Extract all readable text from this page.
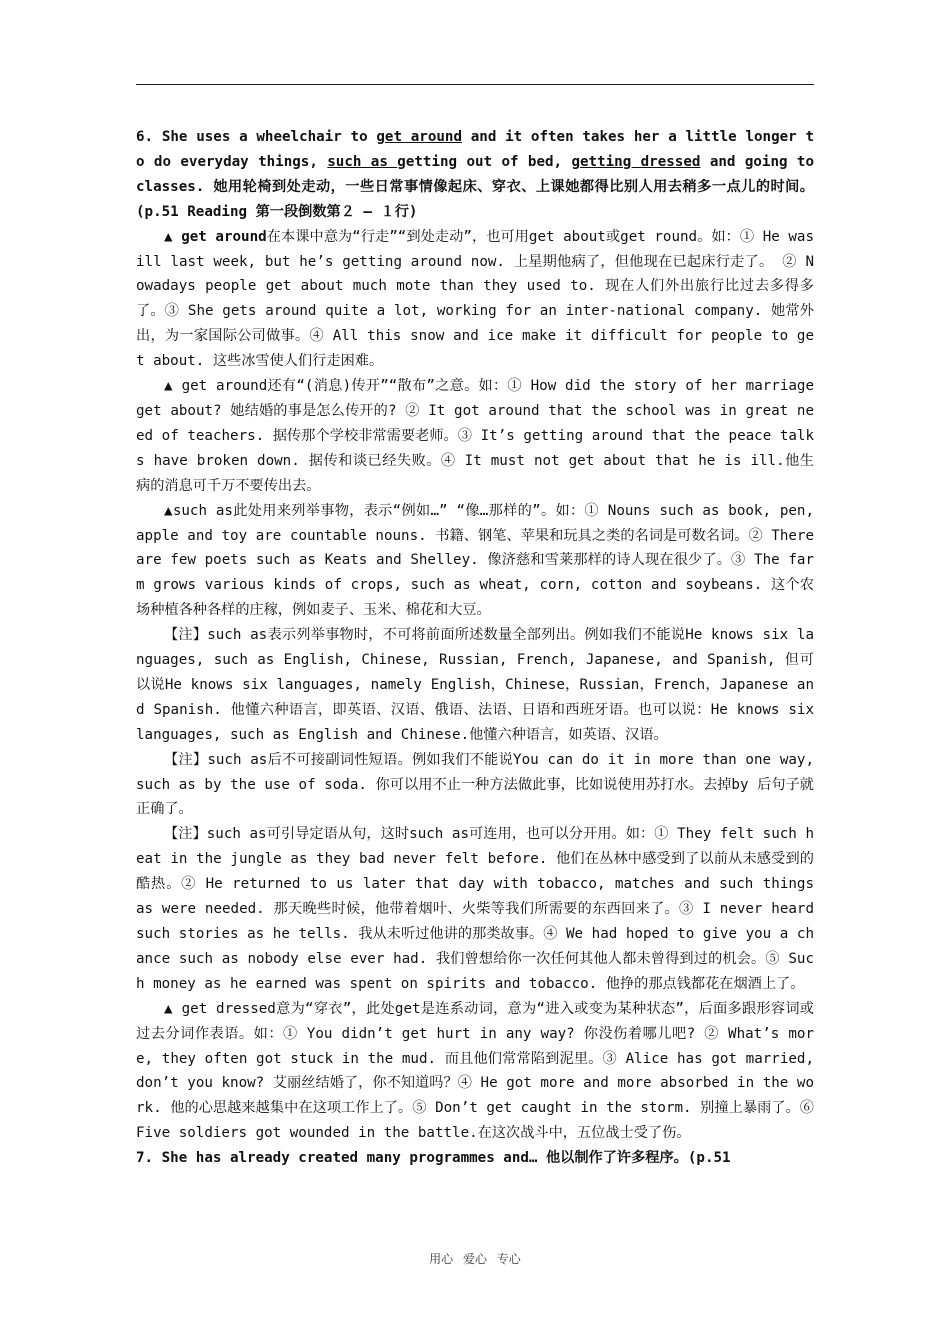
6. She uses a wheelchair to get around and it often takes her a little longer to do everyday things, such as getting out of bed, getting dressed and going to classes. 她用轮椅到处走动，一些日常事情像起床、穿衣、上课她都得比别人用去稍多一点儿的时间。(p.51 Reading 第一段倒数第２ – １行)

▲ get around在本课中意为“行走”“到处走动”，也可用get about或get round。如：① He was ill last week, but he’s getting around now. 上星期他病了，但他现在已起床行走了。 ② Nowadays people get about much mote than they used to. 现在人们外出旅行比过去多得多了。③ She gets around quite a lot, working for an inter-national company. 她常外出，为一家国际公司做事。④ All this snow and ice make it difficult for people to get about. 这些冰雪使人们行走困难。

▲ get around还有“(消息)传开”“散布”之意。如：① How did the story of her marriage get about? 她结婚的事是怎么传开的? ② It got around that the school was in great need of teachers. 据传那个学校非常需要老师。③ It’s getting around that the peace talks have broken down. 据传和谈已经失败。④ It must not get about that he is ill.他生病的消息可千万不要传出去。

▲such as此处用来列举事物，表示“例如…” “像…那样的”。如：① Nouns such as book, pen, apple and toy are countable nouns. 书籍、钢笔、苹果和玩具之类的名词是可数名词。② There are few poets such as Keats and Shelley. 像济慈和雪莱那样的诗人现在很少了。③ The farm grows various kinds of crops, such as wheat, corn, cotton and soybeans. 这个农场种植各种各样的庄稼，例如麦子、玉米、棉花和大豆。

【注】such as表示列举事物时，不可将前面所述数量全部列出。例如我们不能说He knows six languages, such as English, Chinese, Russian, French, Japanese, and Spanish, 但可以说He knows six languages, namely English，Chinese，Russian，French，Japanese and Spanish. 他懂六种语言，即英语、汉语、俄语、法语、日语和西班牙语。也可以说：He knows six languages, such as English and Chinese.他懂六种语言，如英语、汉语。

【注】such as后不可接副词性短语。例如我们不能说You can do it in more than one way, such as by the use of soda. 你可以用不止一种方法做此事，比如说使用苏打水。去掉by 后句子就正确了。

【注】such as可引导定语从句，这时such as可连用，也可以分开用。如：① They felt such heat in the jungle as they bad never felt before. 他们在丛林中感受到了以前从未感受到的酷热。② He returned to us later that day with tobacco, matches and such things as were needed. 那天晚些时候，他带着烟叶、火柴等我们所需要的东西回来了。③ I never heard such stories as he tells. 我从未听过他讲的那类故事。④ We had hoped to give you a chance such as nobody else ever had. 我们曾想给你一次任何其他人都未曾得到过的机会。⑤ Such money as he earned was spent on spirits and tobacco. 他挣的那点钱都花在烟酒上了。

▲ get dressed意为“穿衣”，此处get是连系动词，意为“进入或变为某种状态”，后面多跟形容词或过去分词作表语。如：① You didn’t get hurt in any way? 你没伤着哪儿吧? ② What’s more, they often got stuck in the mud. 而且他们常常陷到泥里。③ Alice has got married, don’t you know? 艾丽丝结婚了，你不知道吗？④ He got more and more absorbed in the work. 他的心思越来越集中在这项工作上了。⑤ Don’t get caught in the storm. 别撞上暴雨了。⑥ Five soldiers got wounded in the battle.在这次战斗中，五位战士受了伤。

7. She has already created many programmes and… 他以制作了许多程序。(p.51

用心 爱心 专心
